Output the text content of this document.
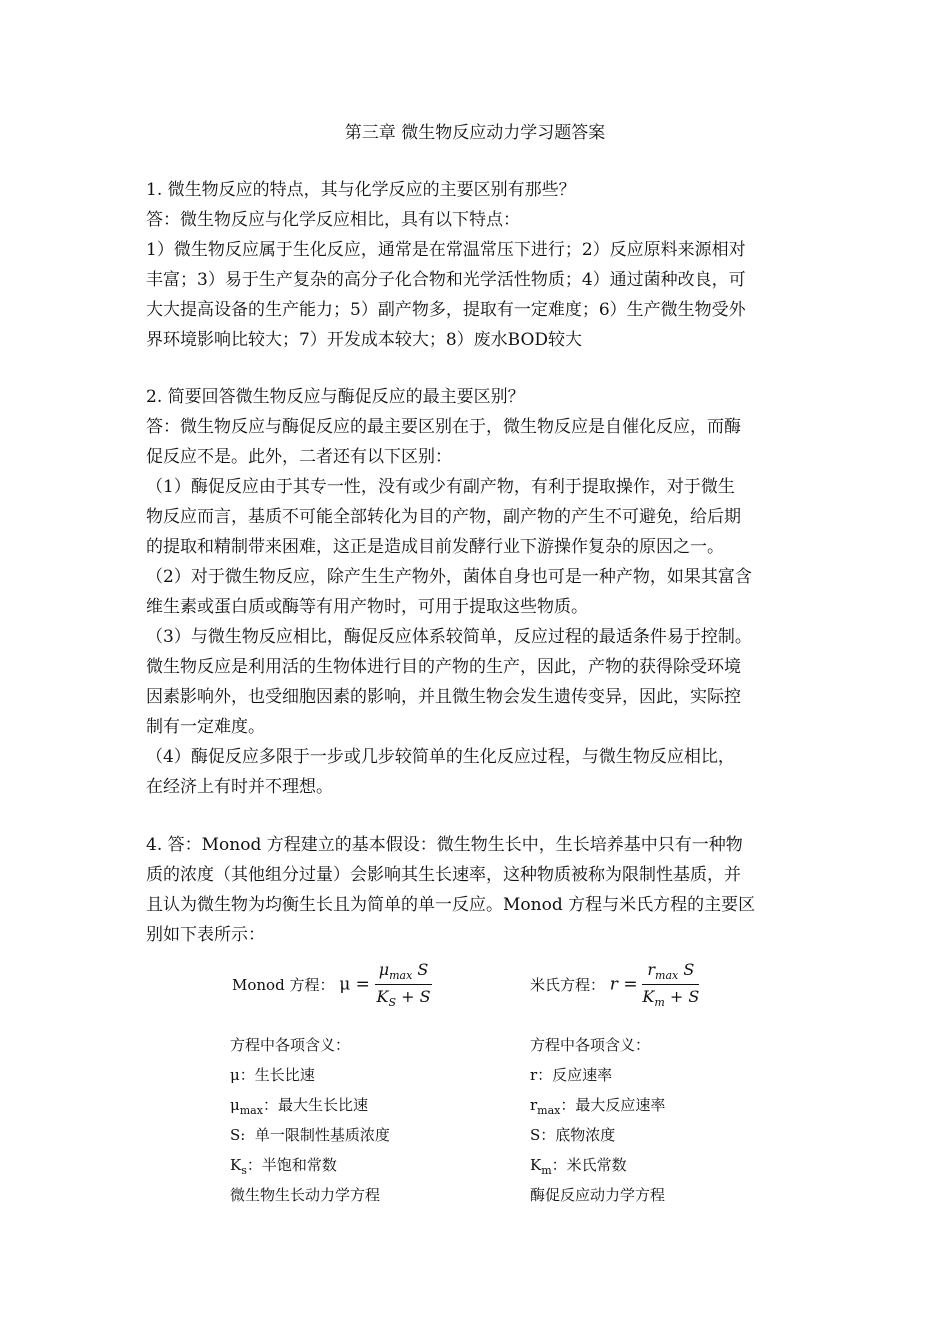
第三章 微生物反应动力学习题答案
1. 微生物反应的特点，其与化学反应的主要区别有那些？
答：微生物反应与化学反应相比，具有以下特点：
1）微生物反应属于生化反应，通常是在常温常压下进行；2）反应原料来源相对
丰富；3）易于生产复杂的高分子化合物和光学活性物质；4）通过菌种改良，可
大大提高设备的生产能力；5）副产物多，提取有一定难度；6）生产微生物受外
界环境影响比较大；7）开发成本较大；8）废水BOD较大
2. 简要回答微生物反应与酶促反应的最主要区别？
答：微生物反应与酶促反应的最主要区别在于，微生物反应是自催化反应，而酶
促反应不是。此外，二者还有以下区别：
（1）酶促反应由于其专一性，没有或少有副产物，有利于提取操作，对于微生
物反应而言，基质不可能全部转化为目的产物，副产物的产生不可避免，给后期
的提取和精制带来困难，这正是造成目前发酵行业下游操作复杂的原因之一。
（2）对于微生物反应，除产生生产物外，菌体自身也可是一种产物，如果其富含
维生素或蛋白质或酶等有用产物时，可用于提取这些物质。
（3）与微生物反应相比，酶促反应体系较简单，反应过程的最适条件易于控制。
微生物反应是利用活的生物体进行目的产物的生产，因此，产物的获得除受环境
因素影响外，也受细胞因素的影响，并且微生物会发生遗传变异，因此，实际控
制有一定难度。
（4）酶促反应多限于一步或几步较简单的生化反应过程，与微生物反应相比，
在经济上有时并不理想。
4. 答：Monod 方程建立的基本假设：微生物生长中，生长培养基中只有一种物
质的浓度（其他组分过量）会影响其生长速率，这种物质被称为限制性基质，并
且认为微生物为均衡生长且为简单的单一反应。Monod 方程与米氏方程的主要区
别如下表所示：
Monod 方程： $\mu = \frac{\mu_{max} S}{K_S + S}$	米氏方程： $r = \frac{r_{max} S}{K_m + S}$
方程中各项含义：
μ：生长比速
$\mu_{max}$：最大生长比速
S:  单一限制性基质浓度
$K_s$：半饱和常数
微生物生长动力学方程
方程中各项含义：
r：反应速率
$r_{max}$：最大反应速率
S：底物浓度
$K_m$：米氏常数
酶促反应动力学方程
